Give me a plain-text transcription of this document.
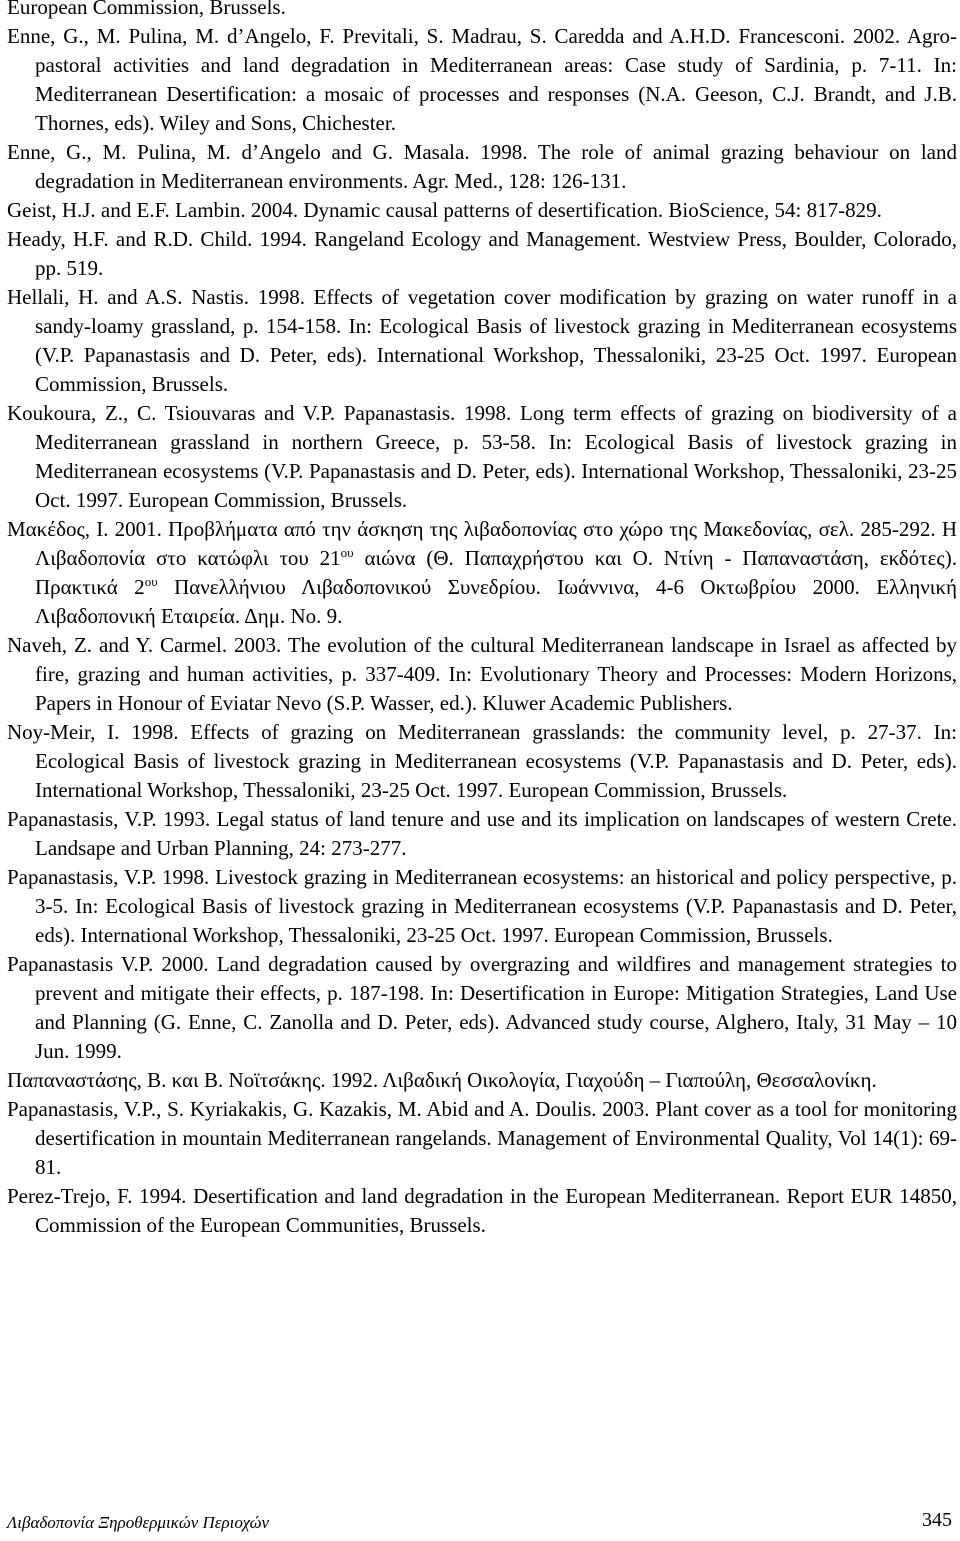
European Commission, Brussels.

Enne, G., M. Pulina, M. d’Angelo, F. Previtali, S. Madrau, S. Caredda and A.H.D. Francesconi. 2002. Agro-pastoral activities and land degradation in Mediterranean areas: Case study of Sardinia, p. 7-11. In: Mediterranean Desertification: a mosaic of processes and responses (N.A. Geeson, C.J. Brandt, and J.B. Thornes, eds). Wiley and Sons, Chichester.

Enne, G., M. Pulina, M. d’Angelo and G. Masala. 1998. The role of animal grazing behaviour on land degradation in Mediterranean environments. Agr. Med., 128: 126-131.

Geist, H.J. and E.F. Lambin. 2004. Dynamic causal patterns of desertification. BioScience, 54: 817-829.

Heady, H.F. and R.D. Child. 1994. Rangeland Ecology and Management. Westview Press, Boulder, Colorado, pp. 519.

Hellali, H. and A.S. Nastis. 1998. Effects of vegetation cover modification by grazing on water runoff in a sandy-loamy grassland, p. 154-158. In: Ecological Basis of livestock grazing in Mediterranean ecosystems (V.P. Papanastasis and D. Peter, eds). International Workshop, Thessaloniki, 23-25 Oct. 1997. European Commission, Brussels.

Koukoura, Z., C. Tsiouvaras and V.P. Papanastasis. 1998. Long term effects of grazing on biodiversity of a Mediterranean grassland in northern Greece, p. 53-58. In: Ecological Basis of livestock grazing in Mediterranean ecosystems (V.P. Papanastasis and D. Peter, eds). International Workshop, Thessaloniki, 23-25 Oct. 1997. European Commission, Brussels.

Μακέδος, Ι. 2001. Προβλήματα από την άσκηση της λιβαδοπονίας στο χώρο της Μακεδονίας, σελ. 285-292. Η Λιβαδοπονία στο κατώφλι του $21^{o\upsilon}$ αιώνα (Θ. Παπαχρήστου και Ο. Ντίνη - Παπαναστάση, εκδότες). Πρακτικά $2^{o\upsilon}$ Πανελλήνιου Λιβαδοπονικού Συνεδρίου. Ιωάννινα, 4-6 Οκτωβρίου 2000. Ελληνική Λιβαδοπονική Εταιρεία. Δημ. No. 9.

Naveh, Z. and Y. Carmel. 2003. The evolution of the cultural Mediterranean landscape in Israel as affected by fire, grazing and human activities, p. 337-409. In: Evolutionary Theory and Processes: Modern Horizons, Papers in Honour of Eviatar Nevo (S.P. Wasser, ed.). Kluwer Academic Publishers.

Noy-Meir, I. 1998. Effects of grazing on Mediterranean grasslands: the community level, p. 27-37. In: Ecological Basis of livestock grazing in Mediterranean ecosystems (V.P. Papanastasis and D. Peter, eds). International Workshop, Thessaloniki, 23-25 Oct. 1997. European Commission, Brussels.

Papanastasis, V.P. 1993. Legal status of land tenure and use and its implication on landscapes of western Crete. Landsape and Urban Planning, 24: 273-277.

Papanastasis, V.P. 1998. Livestock grazing in Mediterranean ecosystems: an historical and policy perspective, p. 3-5. In: Ecological Basis of livestock grazing in Mediterranean ecosystems (V.P. Papanastasis and D. Peter, eds). International Workshop, Thessaloniki, 23-25 Oct. 1997. European Commission, Brussels.

Papanastasis V.P. 2000. Land degradation caused by overgrazing and wildfires and management strategies to prevent and mitigate their effects, p. 187-198. In: Desertification in Europe: Mitigation Strategies, Land Use and Planning (G. Enne, C. Zanolla and D. Peter, eds). Advanced study course, Alghero, Italy, 31 May – 10 Jun. 1999.

Παπαναστάσης, Β. και Β. Νοϊτσάκης. 1992. Λιβαδική Οικολογία, Γιαχούδη – Γιαπούλη, Θεσσαλονίκη.

Papanastasis, V.P., S. Kyriakakis, G. Kazakis, M. Abid and A. Doulis. 2003. Plant cover as a tool for monitoring desertification in mountain Mediterranean rangelands. Management of Environmental Quality, Vol 14(1): 69-81.

Perez-Trejo, F. 1994. Desertification and land degradation in the European Mediterranean. Report EUR 14850, Commission of the European Communities, Brussels.

Λιβαδοπονία Ξηροθερμικών Περιοχών	345
